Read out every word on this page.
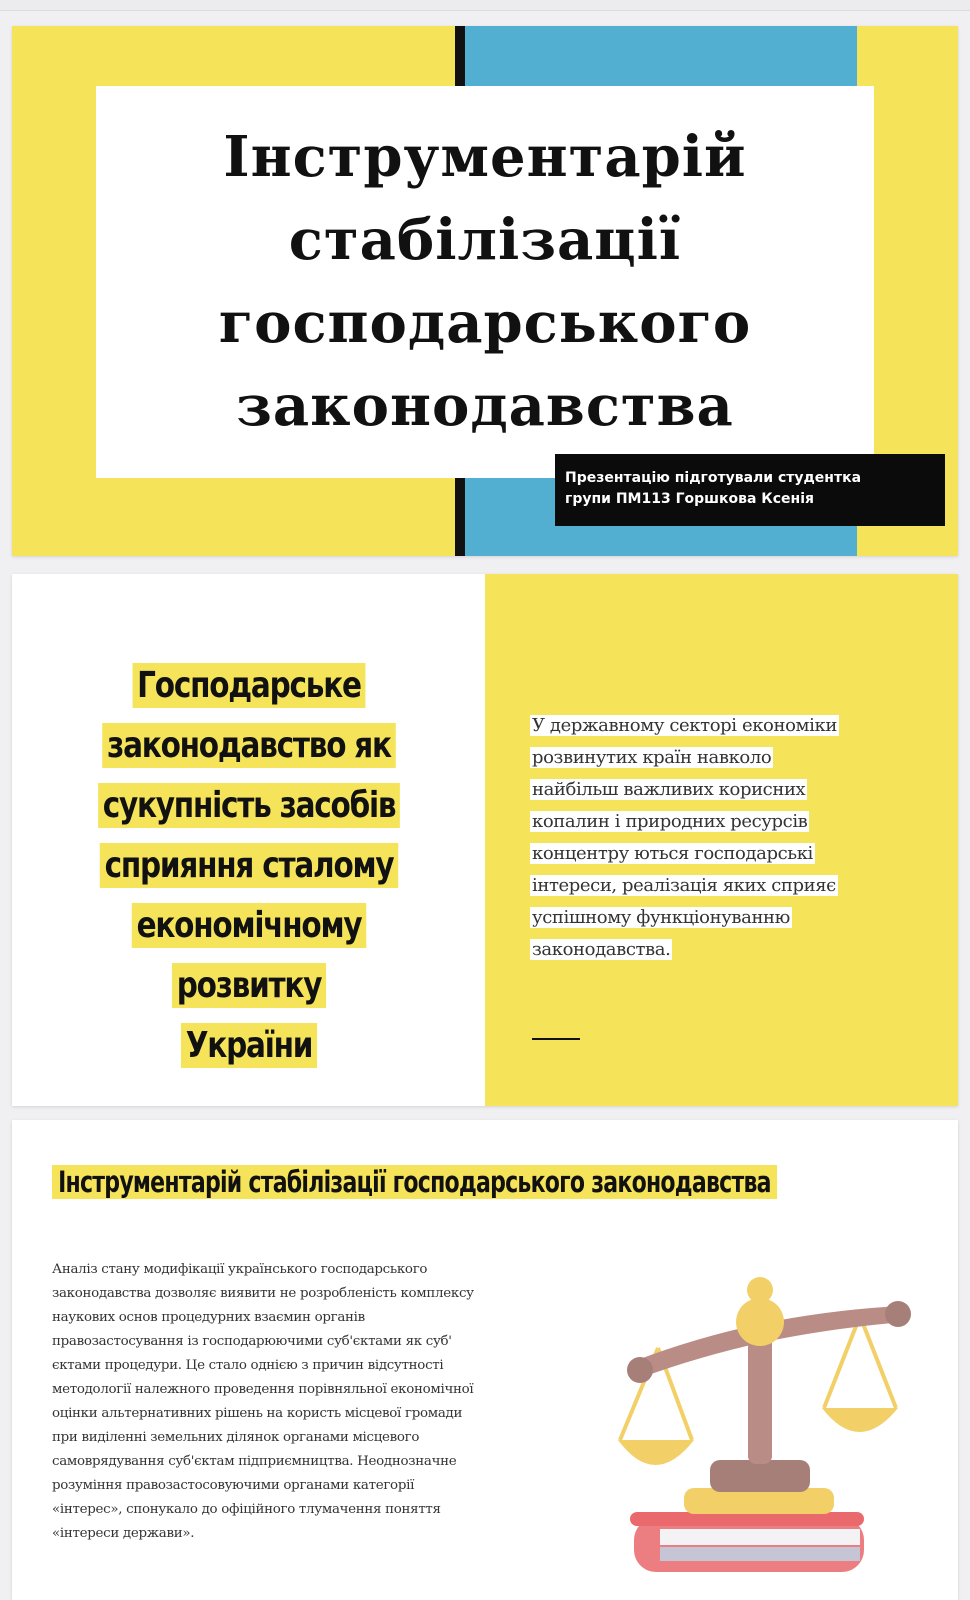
Інструментарій
стабілізації
господарського
законодавства
Презентацію підготували студентка
групи ПМ113 Горшкова Ксенія
Господарське
законодавство як
сукупність засобів
сприяння сталому
економічному розвитку
України

У державному секторі економіки
розвинутих країн навколо
найбільш важливих корисних
копалин і природних ресурсів
концентру ються господарські
інтереси, реалізація яких сприяє
успішному функціонуванню
законодавства.

Інструментарій стабілізації господарського законодавства

Аналіз стану модифікації українського господарського
законодавства дозволяє виявити не розробленість комплексу
наукових основ процедурних взаємин органів
правозастосування із господарюючими суб'єктами як суб'
єктами процедури. Це стало однією з причин відсутності
методології належного проведення порівняльної економічної
оцінки альтернативних рішень на користь місцевої громади
при виділенні земельних ділянок органами місцевого
самоврядування суб'єктам підприємництва. Неоднозначне
розуміння правозастосовуючими органами категорії
«інтерес», спонукало до офіційного тлумачення поняття
«інтереси держави».
